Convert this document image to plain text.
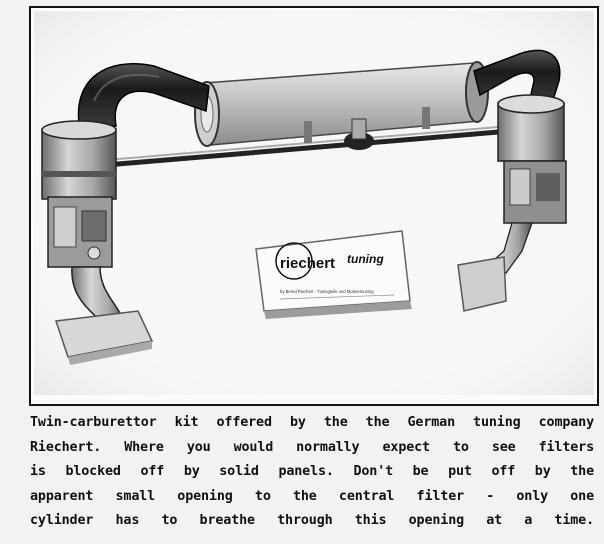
riechert tuning
by Bernd Riechert · Tuningteile und Motorentuning
Twin-carburettor kit offered by the the German tuning company
Riechert. Where you would normally expect to see filters
is blocked off by solid panels. Don't be put off by the
apparent small opening to the central filter - only one
cylinder has to breathe through this opening at a time.
